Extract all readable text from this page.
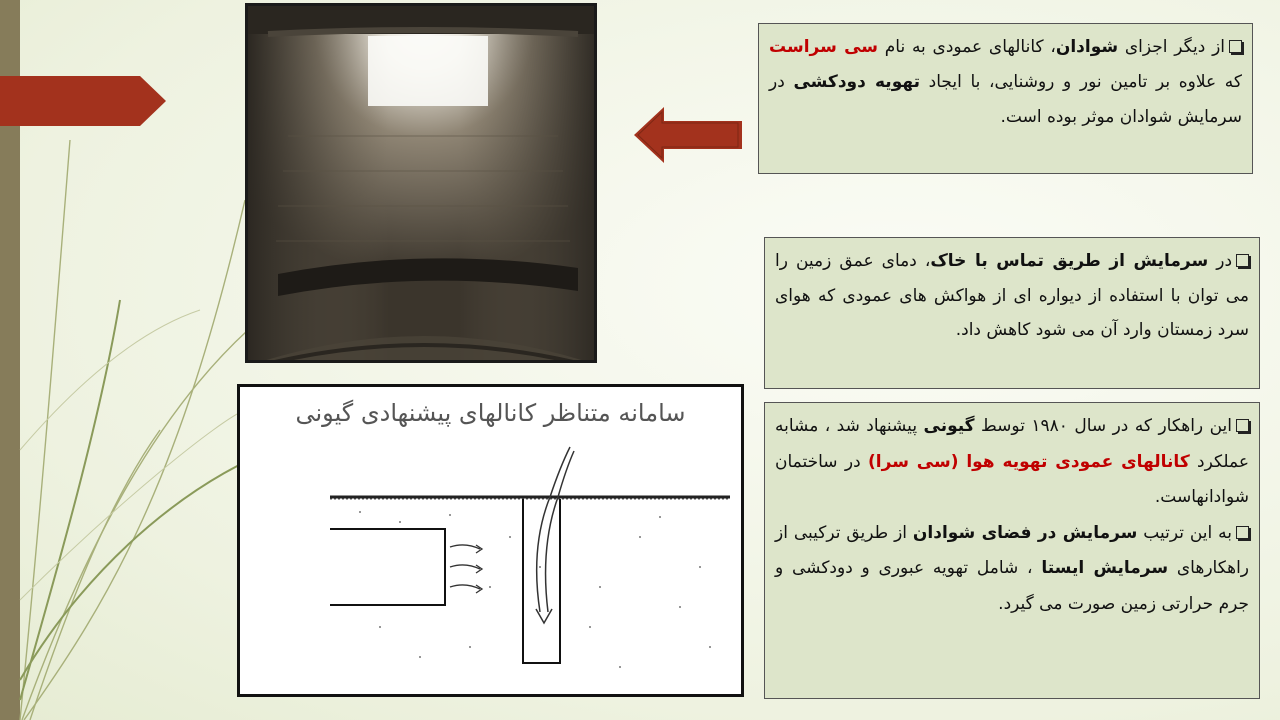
سامانه متناظر کانالهای پیشنهادی گیونی

از دیگر اجزای شوادان، کانالهای عمودی به نام سی سراست که علاوه بر تامین نور و روشنایی، با ایجاد تهویه دودکشی در سرمایش شوادان موثر بوده است.

در سرمایش از طریق تماس با خاک، دمای عمق زمین را می توان با استفاده از دیواره ای از هواکش های عمودی که هوای سرد زمستان وارد آن می شود کاهش داد.

این راهکار که در سال ۱۹۸۰ توسط گیونی پیشنهاد شد ، مشابه عملکرد کانالهای عمودی تهویه هوا (سی سرا) در ساختمان شوادانهاست.

به این ترتیب سرمایش در فضای شوادان از طریق ترکیبی از راهکارهای سرمایش ایستا ، شامل تهویه عبوری و دودکشی و جرم حرارتی زمین صورت می گیرد.
